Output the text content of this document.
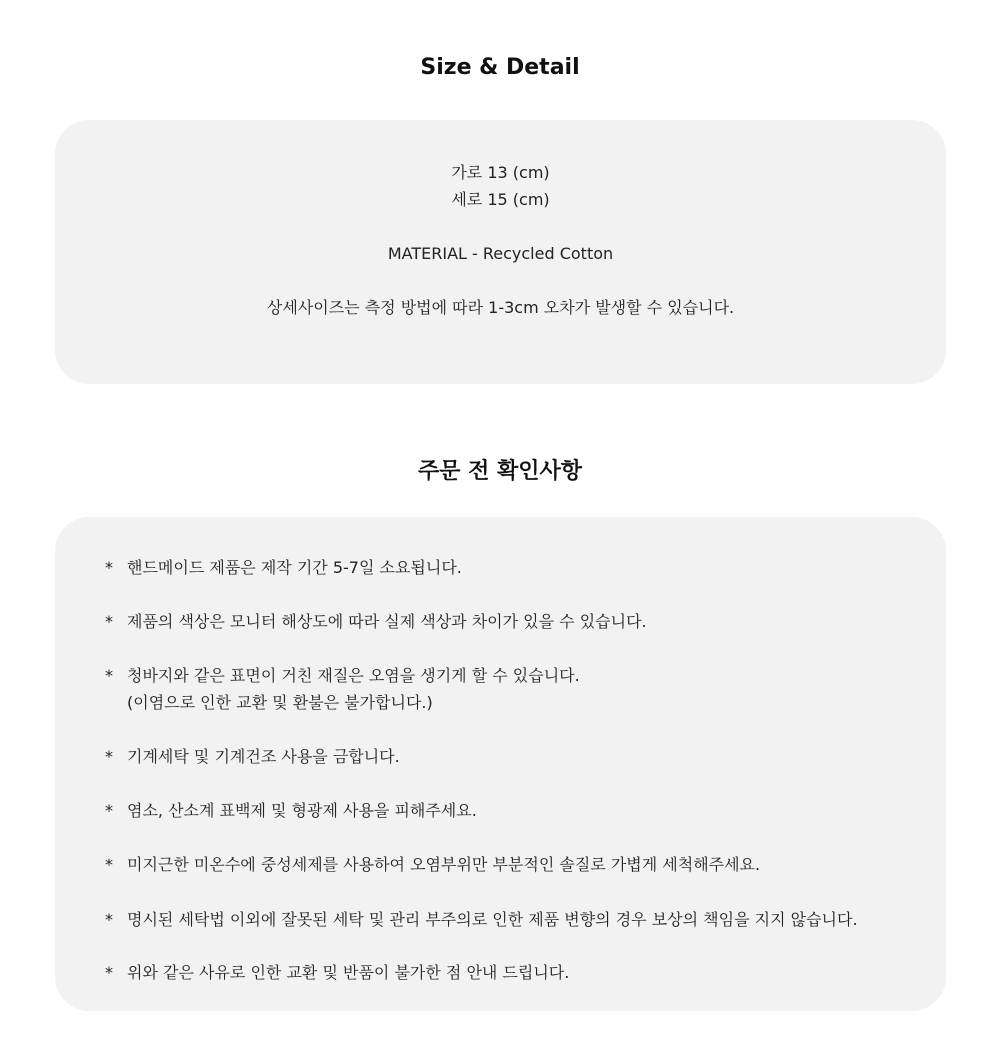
Size & Detail
가로 13 (cm)
세로 15 (cm)
MATERIAL - Recycled Cotton
상세사이즈는 측정 방법에 따라 1-3cm 오차가 발생할 수 있습니다.
주문 전 확인사항
* 핸드메이드 제품은 제작 기간 5-7일 소요됩니다.
* 제품의 색상은 모니터 해상도에 따라 실제 색상과 차이가 있을 수 있습니다.
* 청바지와 같은 표면이 거친 재질은 오염을 생기게 할 수 있습니다.
(이염으로 인한 교환 및 환불은 불가합니다.)
* 기계세탁 및 기계건조 사용을 금합니다.
* 염소, 산소계 표백제 및 형광제 사용을 피해주세요.
* 미지근한 미온수에 중성세제를 사용하여 오염부위만 부분적인 솔질로 가볍게 세척해주세요.
* 명시된 세탁법 이외에 잘못된 세탁 및 관리 부주의로 인한 제품 변향의 경우 보상의 책임을 지지 않습니다.
* 위와 같은 사유로 인한 교환 및 반품이 불가한 점 안내 드립니다.
